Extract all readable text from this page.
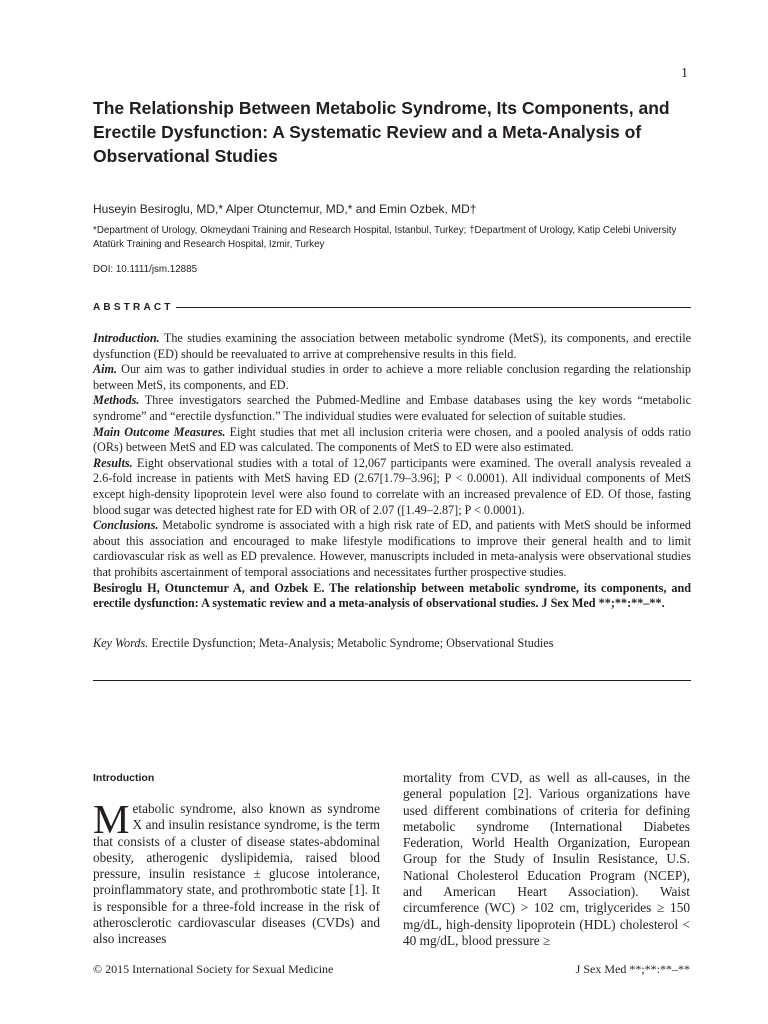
1
The Relationship Between Metabolic Syndrome, Its Components, and Erectile Dysfunction: A Systematic Review and a Meta-Analysis of Observational Studies
Huseyin Besiroglu, MD,* Alper Otunctemur, MD,* and Emin Ozbek, MD†
*Department of Urology, Okmeydani Training and Research Hospital, Istanbul, Turkey; †Department of Urology, Katip Celebi University Atatürk Training and Research Hospital, Izmir, Turkey
DOI: 10.1111/jsm.12885
ABSTRACT

Introduction. The studies examining the association between metabolic syndrome (MetS), its components, and erectile dysfunction (ED) should be reevaluated to arrive at comprehensive results in this field.

Aim. Our aim was to gather individual studies in order to achieve a more reliable conclusion regarding the relationship between MetS, its components, and ED.

Methods. Three investigators searched the Pubmed-Medline and Embase databases using the key words “metabolic syndrome” and “erectile dysfunction.” The individual studies were evaluated for selection of suitable studies.

Main Outcome Measures. Eight studies that met all inclusion criteria were chosen, and a pooled analysis of odds ratio (ORs) between MetS and ED was calculated. The components of MetS to ED were also estimated.

Results. Eight observational studies with a total of 12,067 participants were examined. The overall analysis revealed a 2.6-fold increase in patients with MetS having ED (2.67[1.79–3.96]; P < 0.0001). All individual components of MetS except high-density lipoprotein level were also found to correlate with an increased prevalence of ED. Of those, fasting blood sugar was detected highest rate for ED with OR of 2.07 ([1.49–2.87]; P < 0.0001).

Conclusions. Metabolic syndrome is associated with a high risk rate of ED, and patients with MetS should be informed about this association and encouraged to make lifestyle modifications to improve their general health and to limit cardiovascular risk as well as ED prevalence. However, manuscripts included in meta-analysis were observational studies that prohibits ascertainment of temporal associations and necessitates further prospective studies.

Besiroglu H, Otunctemur A, and Ozbek E. The relationship between metabolic syndrome, its components, and erectile dysfunction: A systematic review and a meta-analysis of observational studies. J Sex Med **;**:**–**.

Key Words. Erectile Dysfunction; Meta-Analysis; Metabolic Syndrome; Observational Studies
Introduction

Metabolic syndrome, also known as syndrome X and insulin resistance syndrome, is the term that consists of a cluster of disease states-abdominal obesity, atherogenic dyslipidemia, raised blood pressure, insulin resistance ± glucose intolerance, proinflammatory state, and prothrombotic state [1]. It is responsible for a three-fold increase in the risk of atherosclerotic cardiovascular diseases (CVDs) and also increases

mortality from CVD, as well as all-causes, in the general population [2]. Various organizations have used different combinations of criteria for defining metabolic syndrome (International Diabetes Federation, World Health Organization, European Group for the Study of Insulin Resistance, U.S. National Cholesterol Education Program (NCEP), and American Heart Association). Waist circumference (WC) > 102 cm, triglycerides ≥ 150 mg/dL, high-density lipoprotein (HDL) cholesterol < 40 mg/dL, blood pressure ≥

© 2015 International Society for Sexual Medicine	J Sex Med **;**:**–**
